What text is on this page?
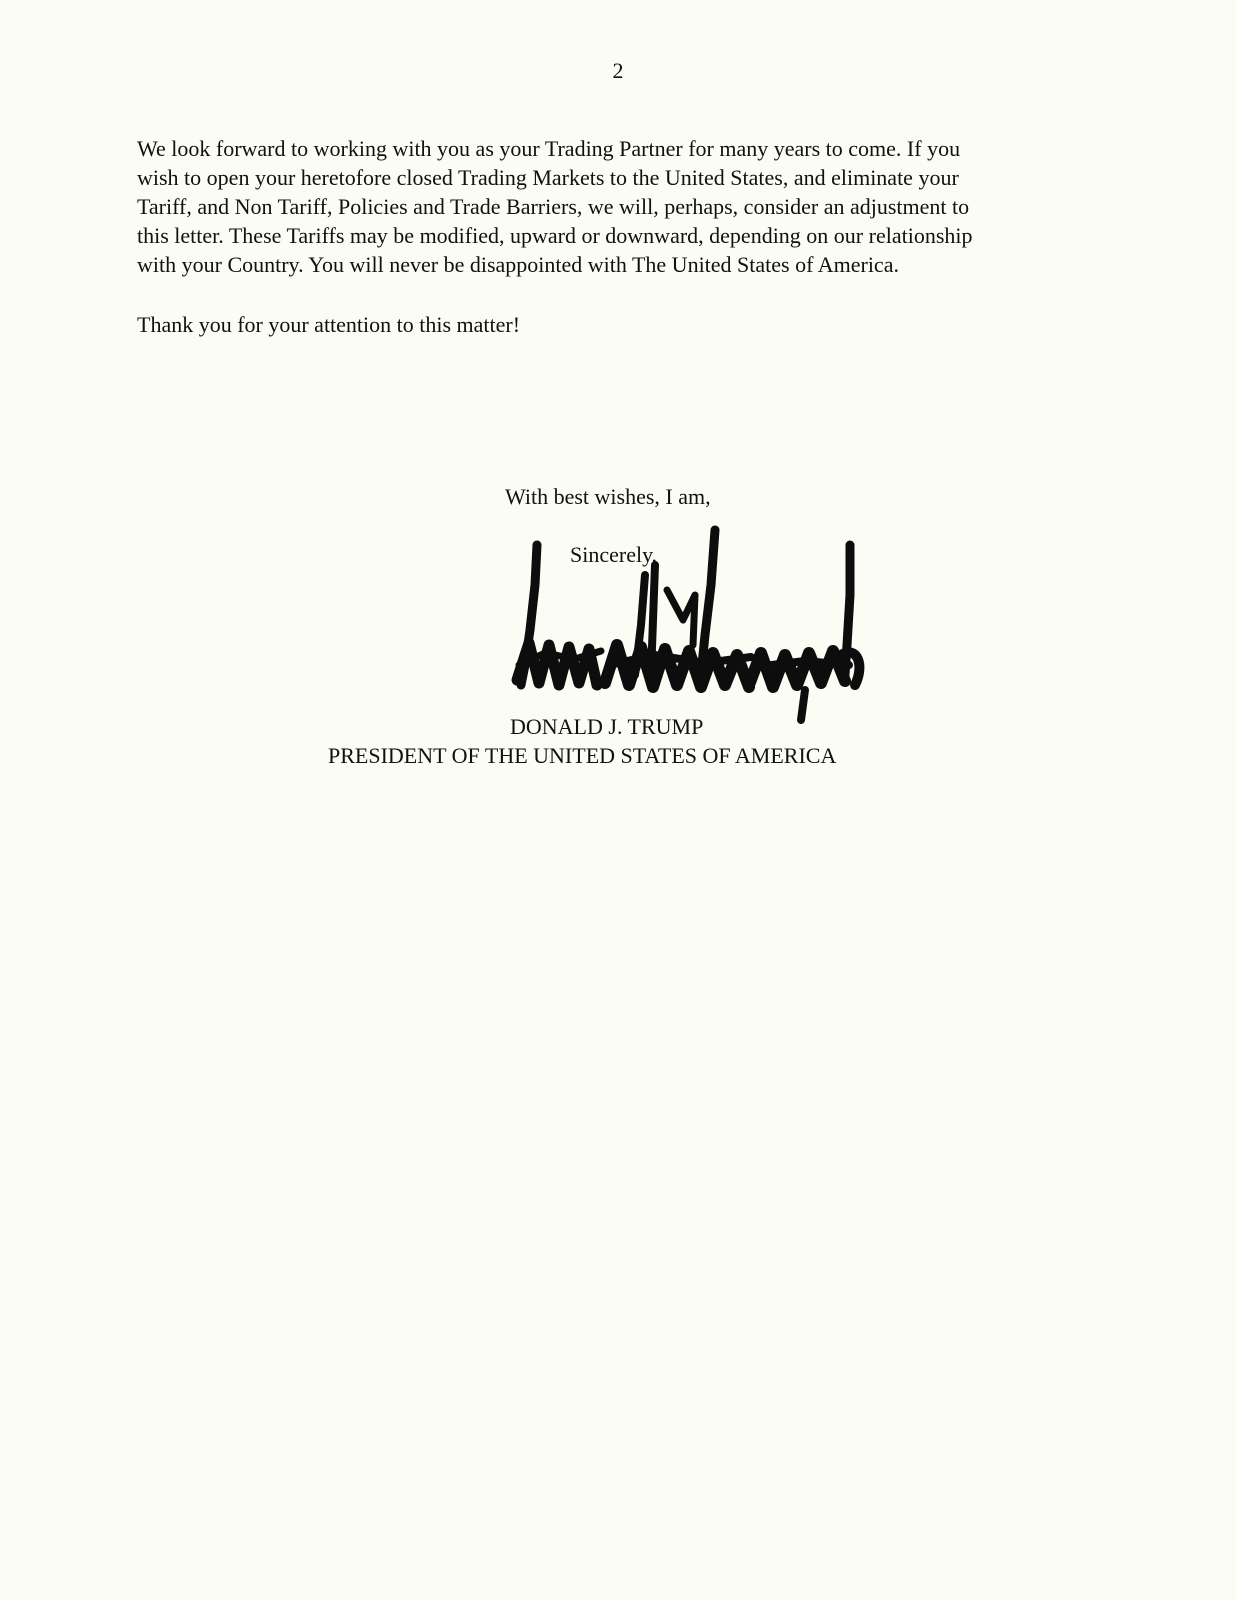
2
We look forward to working with you as your Trading Partner for many years to come. If you
wish to open your heretofore closed Trading Markets to the United States, and eliminate your
Tariff, and Non Tariff, Policies and Trade Barriers, we will, perhaps, consider an adjustment to
this letter. These Tariffs may be modified, upward or downward, depending on our relationship
with your Country. You will never be disappointed with The United States of America.
Thank you for your attention to this matter!
With best wishes, I am,
Sincerely,
DONALD J. TRUMP
PRESIDENT OF THE UNITED STATES OF AMERICA
